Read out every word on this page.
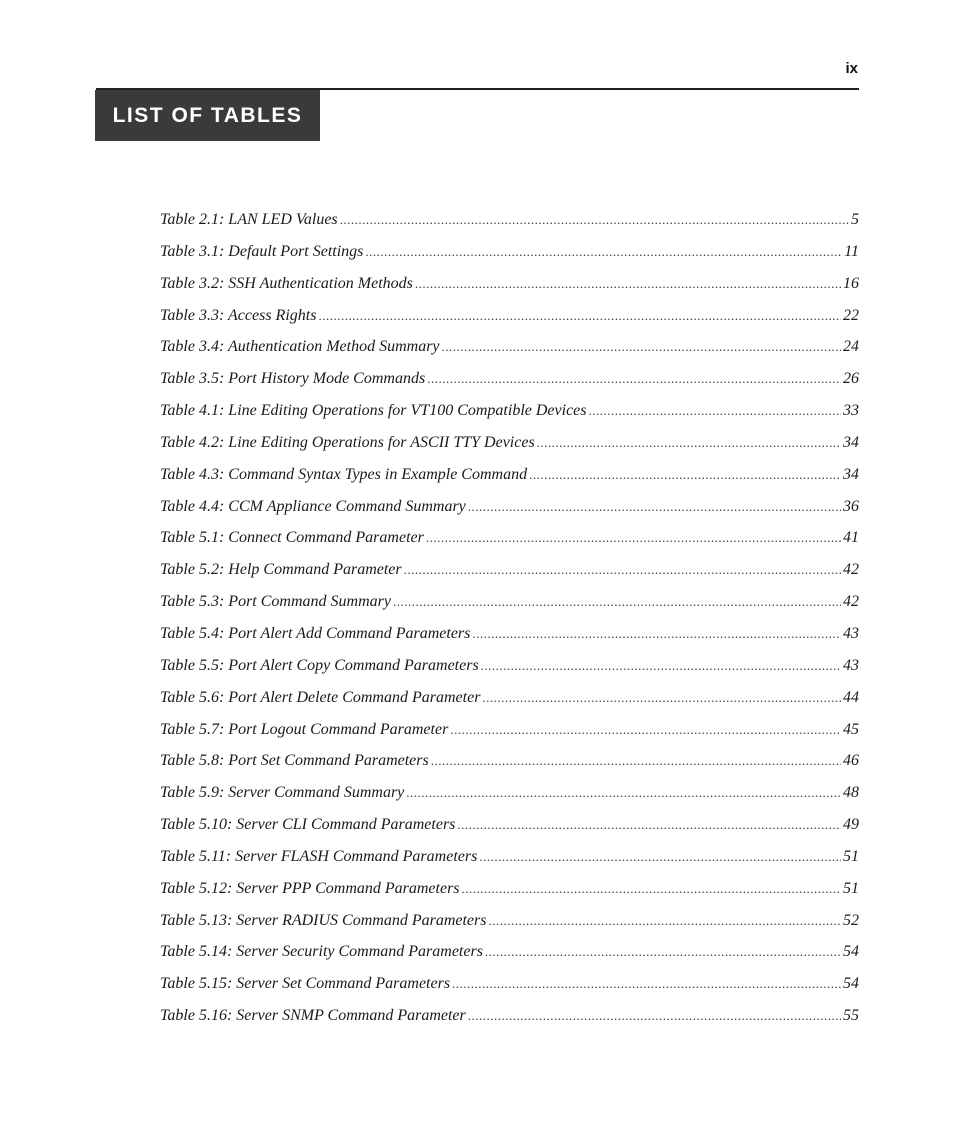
ix
LIST OF TABLES
Table 2.1: LAN LED Values .....	5
Table 3.1: Default Port Settings .....	11
Table 3.2: SSH Authentication Methods .....	16
Table 3.3: Access Rights .....	22
Table 3.4: Authentication Method Summary .....	24
Table 3.5: Port History Mode Commands .....	26
Table 4.1: Line Editing Operations for VT100 Compatible Devices .....	33
Table 4.2: Line Editing Operations for ASCII TTY Devices .....	34
Table 4.3: Command Syntax Types in Example Command .....	34
Table 4.4: CCM Appliance Command Summary .....	36
Table 5.1: Connect Command Parameter .....	41
Table 5.2: Help Command Parameter .....	42
Table 5.3: Port Command Summary .....	42
Table 5.4: Port Alert Add Command Parameters .....	43
Table 5.5: Port Alert Copy Command Parameters .....	43
Table 5.6: Port Alert Delete Command Parameter .....	44
Table 5.7: Port Logout Command Parameter .....	45
Table 5.8: Port Set Command Parameters .....	46
Table 5.9: Server Command Summary .....	48
Table 5.10: Server CLI Command Parameters .....	49
Table 5.11: Server FLASH Command Parameters .....	51
Table 5.12: Server PPP Command Parameters .....	51
Table 5.13: Server RADIUS Command Parameters .....	52
Table 5.14: Server Security Command Parameters .....	54
Table 5.15: Server Set Command Parameters .....	54
Table 5.16: Server SNMP Command Parameter .....	55
